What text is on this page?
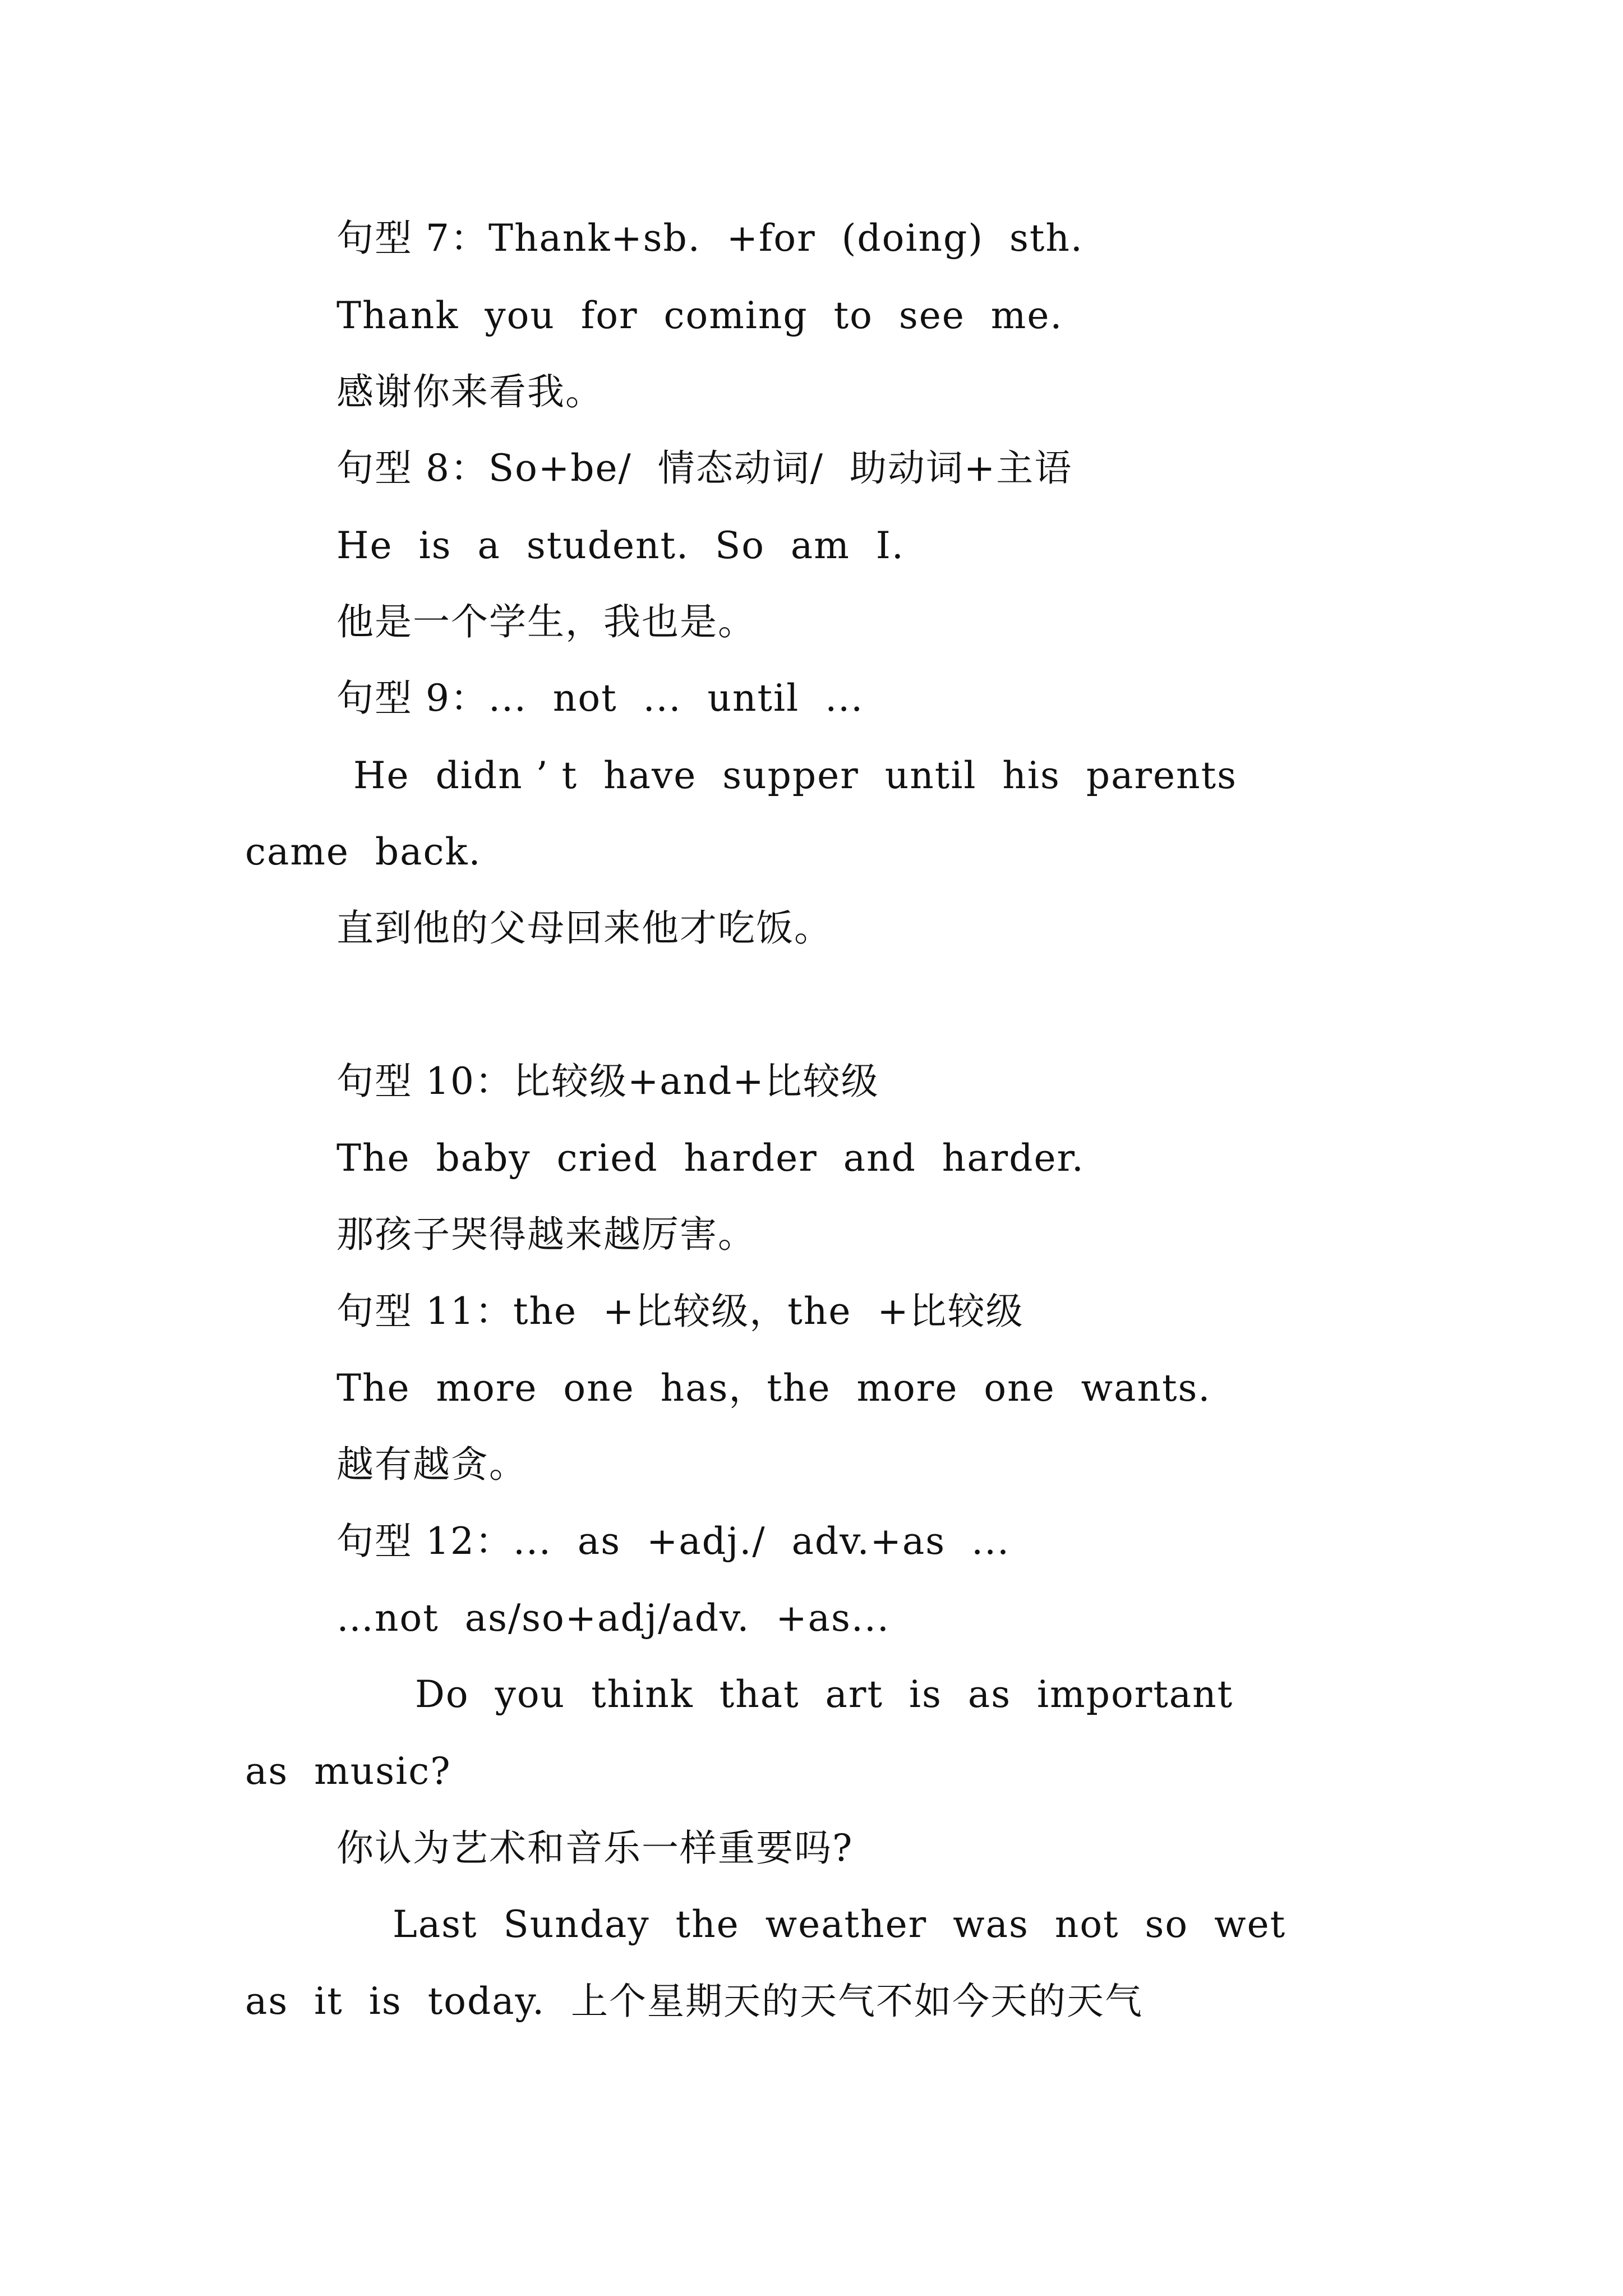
句型 7：Thank+sb.  +for  (doing)  sth.

Thank  you  for  coming  to  see  me.

感谢你来看我。

句型 8：So+be/  情态动词/  助动词+主语

He  is  a  student.  So  am  I.

他是一个学生，我也是。

句型 9：...  not  ...  until  ...

He  didn ’ t  have  supper  until  his  parents

came  back.

直到他的父母回来他才吃饭。

句型 10：比较级+and+比较级

The  baby  cried  harder  and  harder.

那孩子哭得越来越厉害。

句型 11：the  +比较级，the  +比较级

The  more  one  has，the  more  one  wants.

越有越贪。

句型 12：...  as  +adj./  adv.+as  ...

…not  as/so+adj/adv.  +as...

Do  you  think  that  art  is  as  important

as  music?

你认为艺术和音乐一样重要吗?

Last  Sunday  the  weather  was  not  so  wet

as  it  is  today.  上个星期天的天气不如今天的天气
